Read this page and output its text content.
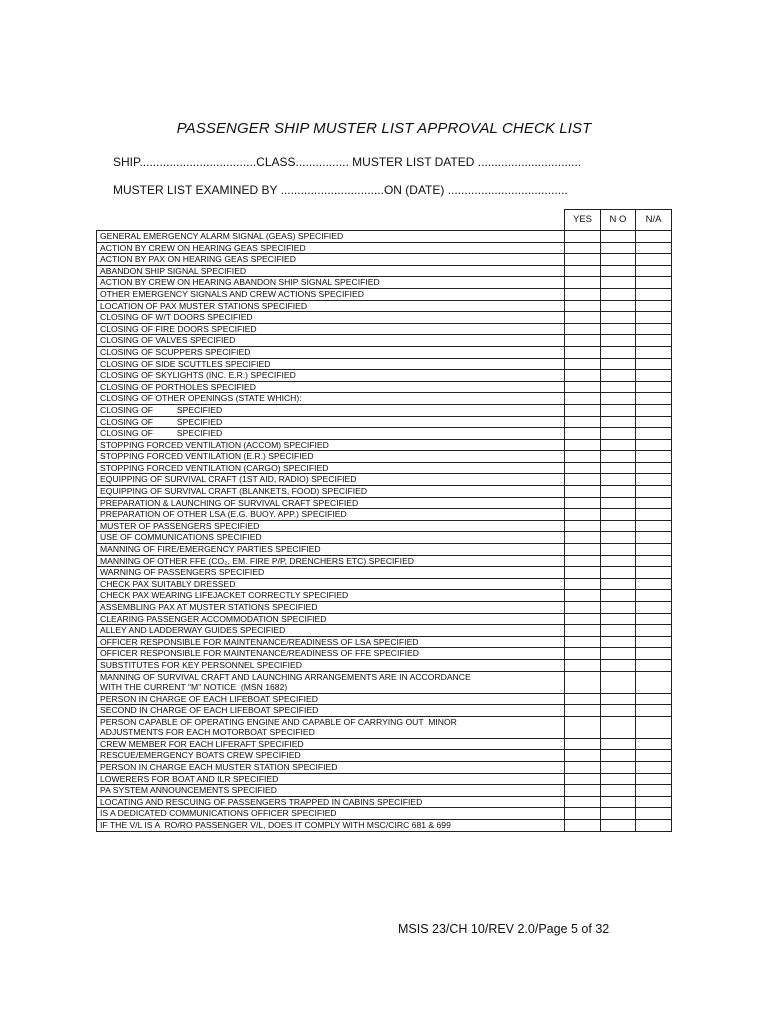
PASSENGER SHIP MUSTER LIST APPROVAL CHECK LIST
SHIP...................................CLASS................ MUSTER LIST DATED ...............................
MUSTER LIST EXAMINED BY ...............................ON (DATE) ....................................
	YES	N O	N/A
GENERAL EMERGENCY ALARM SIGNAL (GEAS) SPECIFIED			
ACTION BY CREW ON HEARING GEAS SPECIFIED			
ACTION BY PAX ON HEARING GEAS SPECIFIED			
ABANDON SHIP SIGNAL SPECIFIED			
ACTION BY CREW ON HEARING ABANDON SHIP SIGNAL SPECIFIED			
OTHER EMERGENCY SIGNALS AND CREW ACTIONS SPECIFIED			
LOCATION OF PAX MUSTER STATIONS SPECIFIED			
CLOSING OF W/T DOORS SPECIFIED			
CLOSING OF FIRE DOORS SPECIFIED			
CLOSING OF VALVES SPECIFIED			
CLOSING OF SCUPPERS SPECIFIED			
CLOSING OF SIDE SCUTTLES SPECIFIED			
CLOSING OF SKYLIGHTS (INC. E.R.) SPECIFIED			
CLOSING OF PORTHOLES SPECIFIED			
CLOSING OF OTHER OPENINGS (STATE WHICH):			
CLOSING OF          SPECIFIED			
CLOSING OF          SPECIFIED			
CLOSING OF          SPECIFIED			
STOPPING FORCED VENTILATION (ACCOM) SPECIFIED			
STOPPING FORCED VENTILATION (E.R.) SPECIFIED			
STOPPING FORCED VENTILATION (CARGO) SPECIFIED			
EQUIPPING OF SURVIVAL CRAFT (1ST AID, RADIO) SPECIFIED			
EQUIPPING OF SURVIVAL CRAFT (BLANKETS, FOOD) SPECIFIED			
PREPARATION & LAUNCHING OF SURVIVAL CRAFT SPECIFIED			
PREPARATION OF OTHER LSA (E.G. BUOY. APP.) SPECIFIED			
MUSTER OF PASSENGERS SPECIFIED			
USE OF COMMUNICATIONS SPECIFIED			
MANNING OF FIRE/EMERGENCY PARTIES SPECIFIED			
MANNING OF OTHER FFE (CO₂, EM. FIRE P/P, DRENCHERS ETC) SPECIFIED			
WARNING OF PASSENGERS SPECIFIED			
CHECK PAX SUITABLY DRESSED			
CHECK PAX WEARING LIFEJACKET CORRECTLY SPECIFIED			
ASSEMBLING PAX AT MUSTER STATIONS SPECIFIED			
CLEARING PASSENGER ACCOMMODATION SPECIFIED			
ALLEY AND LADDERWAY GUIDES SPECIFIED			
OFFICER RESPONSIBLE FOR MAINTENANCE/READINESS OF LSA SPECIFIED			
OFFICER RESPONSIBLE FOR MAINTENANCE/READINESS OF FFE SPECIFIED			
SUBSTITUTES FOR KEY PERSONNEL SPECIFIED			
MANNING OF SURVIVAL CRAFT AND LAUNCHING ARRANGEMENTS ARE IN ACCORDANCE
WITH THE CURRENT "M" NOTICE  (MSN 1682)			
PERSON IN CHARGE OF EACH LIFEBOAT SPECIFIED			
SECOND IN CHARGE OF EACH LIFEBOAT SPECIFIED			
PERSON CAPABLE OF OPERATING ENGINE AND CAPABLE OF CARRYING OUT  MINOR
ADJUSTMENTS FOR EACH MOTORBOAT SPECIFIED			
CREW MEMBER FOR EACH LIFERAFT SPECIFIED			
RESCUE/EMERGENCY BOATS CREW SPECIFIED			
PERSON IN CHARGE EACH MUSTER STATION SPECIFIED			
LOWERERS FOR BOAT AND ILR SPECIFIED			
PA SYSTEM ANNOUNCEMENTS SPECIFIED			
LOCATING AND RESCUING OF PASSENGERS TRAPPED IN CABINS SPECIFIED			
IS A DEDICATED COMMUNICATIONS OFFICER SPECIFIED			
IF THE V/L IS A  RO/RO PASSENGER V/L, DOES IT COMPLY WITH MSC/CIRC 681 & 699			
MSIS 23/CH 10/REV 2.0/Page 5 of 32
